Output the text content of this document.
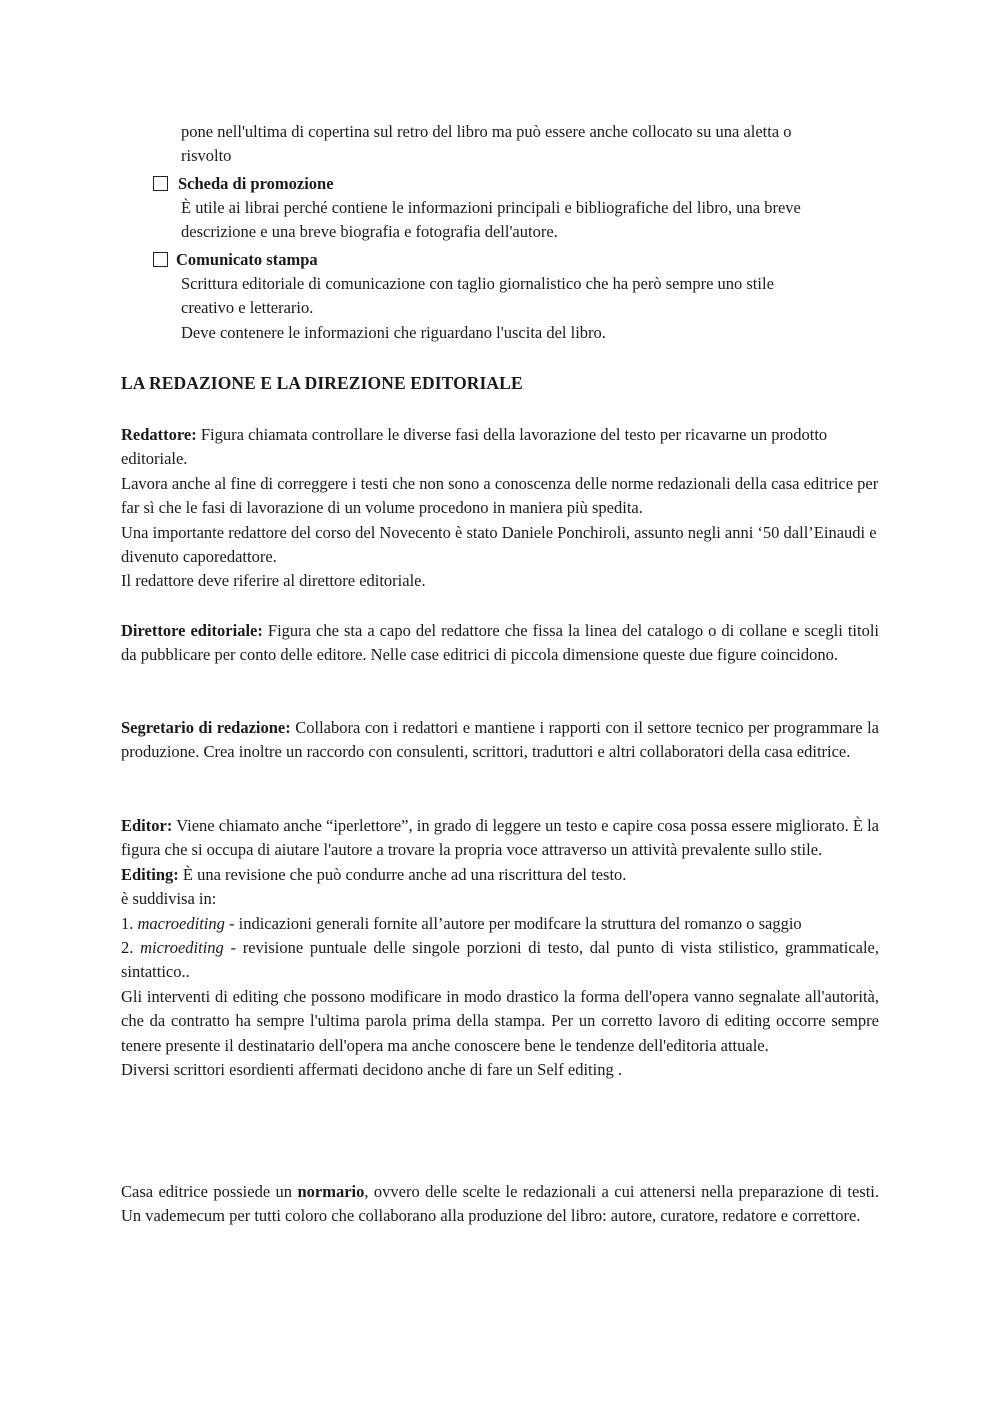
pone nell'ultima di copertina sul retro del libro ma può essere anche collocato su una aletta o

risvolto

Scheda di promozione

È utile ai librai perché contiene le informazioni principali e bibliografiche del libro, una breve

descrizione e una breve biografia e fotografia dell'autore.

Comunicato stampa

Scrittura editoriale di comunicazione con taglio giornalistico che ha però sempre uno stile

creativo e letterario.

Deve contenere le informazioni che riguardano l'uscita del libro.

LA REDAZIONE E LA DIREZIONE EDITORIALE

Redattore: Figura chiamata controllare le diverse fasi della lavorazione del testo per ricavarne un prodotto editoriale.

Lavora anche al fine di correggere i testi che non sono a conoscenza delle norme redazionali della casa editrice per far sì che le fasi di lavorazione di un volume procedono in maniera più spedita.

Una importante redattore del corso del Novecento è stato Daniele Ponchiroli, assunto negli anni ‘50 dall’Einaudi e divenuto caporedattore.

Il redattore deve riferire al direttore editoriale.

Direttore editoriale: Figura che sta a capo del redattore che fissa la linea del catalogo o di collane e scegli titoli da pubblicare per conto delle editore. Nelle case editrici di piccola dimensione queste due figure coincidono.

Segretario di redazione: Collabora con i redattori e mantiene i rapporti con il settore tecnico per programmare la produzione. Crea inoltre un raccordo con consulenti, scrittori, traduttori e altri collaboratori della casa editrice.

Editor: Viene chiamato anche “iperlettore”, in grado di leggere un testo e capire cosa possa essere migliorato. È la figura che si occupa di aiutare l'autore a trovare la propria voce attraverso un attività prevalente sullo stile.

Editing: È una revisione che può condurre anche ad una riscrittura del testo.

è suddivisa in:

1. macroediting - indicazioni generali fornite all’autore per modifcare la struttura del romanzo o saggio

2. microediting - revisione puntuale delle singole porzioni di testo, dal punto di vista stilistico, grammaticale, sintattico..

Gli interventi di editing che possono modificare in modo drastico la forma dell'opera vanno segnalate all'autorità, che da contratto ha sempre l'ultima parola prima della stampa. Per un corretto lavoro di editing occorre sempre tenere presente il destinatario dell'opera ma anche conoscere bene le tendenze dell'editoria attuale.

Diversi scrittori esordienti affermati decidono anche di fare un Self editing .

Casa editrice possiede un normario, ovvero delle scelte le redazionali a cui attenersi nella preparazione di testi. Un vademecum per tutti coloro che collaborano alla produzione del libro: autore, curatore, redatore e correttore.
